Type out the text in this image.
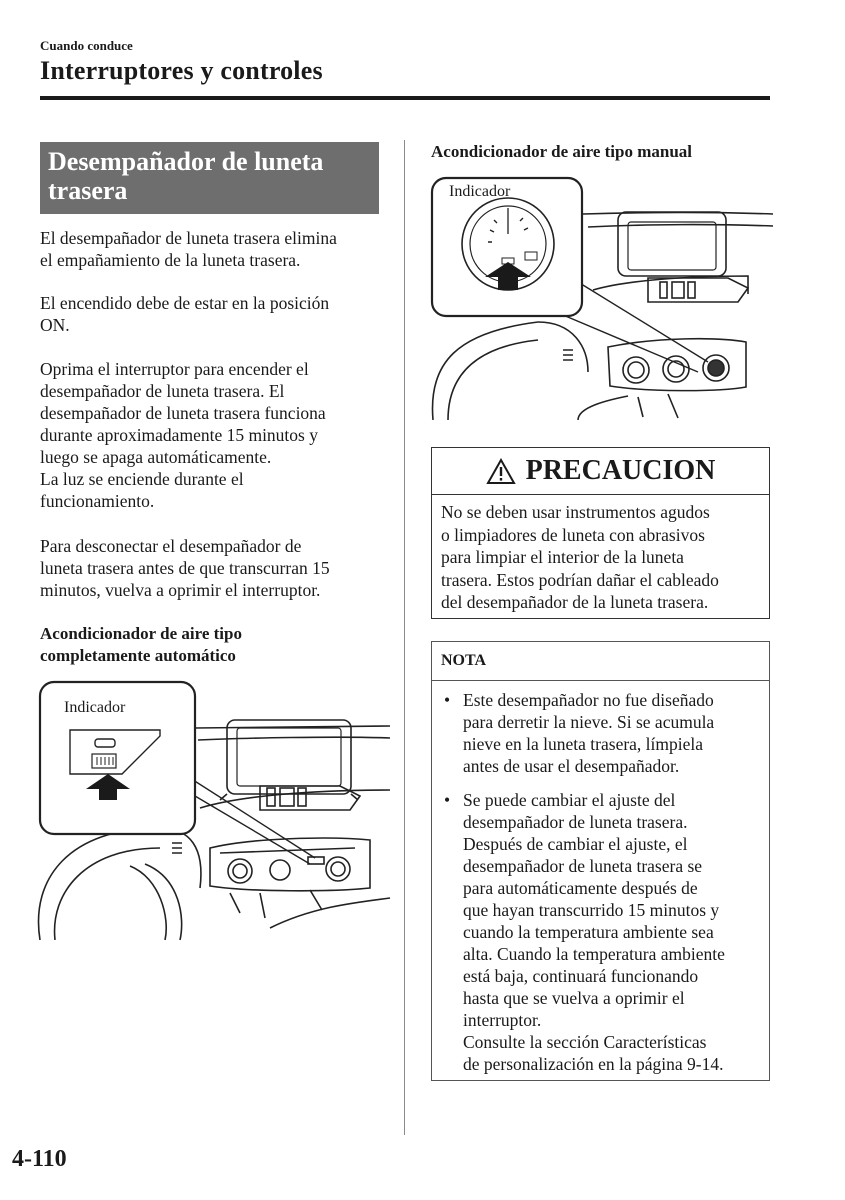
Cuando conduce
Interruptores y controles
Desempañador de luneta
trasera
El desempañador de luneta trasera elimina
el empañamiento de la luneta trasera.
El encendido debe de estar en la posición
ON.
Oprima el interruptor para encender el
desempañador de luneta trasera. El
desempañador de luneta trasera funciona
durante aproximadamente 15 minutos y
luego se apaga automáticamente.
La luz se enciende durante el
funcionamiento.
Para desconectar el desempañador de
luneta trasera antes de que transcurran 15
minutos, vuelva a oprimir el interruptor.
Acondicionador de aire tipo
completamente automático
Indicador
Acondicionador de aire tipo manual
Indicador
PRECAUCION
No se deben usar instrumentos agudos
o limpiadores de luneta con abrasivos
para limpiar el interior de la luneta
trasera. Estos podrían dañar el cableado
del desempañador de la luneta trasera.
NOTA
• Este desempañador no fue diseñado
para derretir la nieve. Si se acumula
nieve en la luneta trasera, límpiela
antes de usar el desempañador.
• Se puede cambiar el ajuste del
desempañador de luneta trasera.
Después de cambiar el ajuste, el
desempañador de luneta trasera se
para automáticamente después de
que hayan transcurrido 15 minutos y
cuando la temperatura ambiente sea
alta. Cuando la temperatura ambiente
está baja, continuará funcionando
hasta que se vuelva a oprimir el
interruptor.
Consulte la sección Características
de personalización en la página 9-14.
4-110
